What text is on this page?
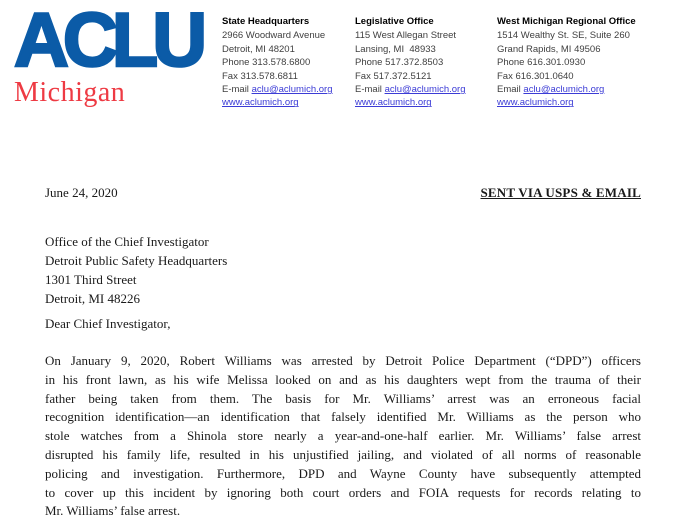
ACLU
Michigan
State Headquarters
2966 Woodward Avenue
Detroit, MI 48201
Phone 313.578.6800
Fax 313.578.6811
E-mail aclu@aclumich.org
www.aclumich.org
Legislative Office
115 West Allegan Street
Lansing, MI  48933
Phone 517.372.8503
Fax 517.372.5121
E-mail aclu@aclumich.org
www.aclumich.org
West Michigan Regional Office
1514 Wealthy St. SE, Suite 260
Grand Rapids, MI 49506
Phone 616.301.0930
Fax 616.301.0640
Email aclu@aclumich.org
www.aclumich.org
June 24, 2020	SENT VIA USPS & EMAIL
Office of the Chief Investigator
Detroit Public Safety Headquarters
1301 Third Street
Detroit, MI 48226
Dear Chief Investigator,
On January 9, 2020, Robert Williams was arrested by Detroit Police Department (“DPD”) officers
in his front lawn, as his wife Melissa looked on and as his daughters wept from the trauma of their
father being taken from them. The basis for Mr. Williams’ arrest was an erroneous facial
recognition identification—an identification that falsely identified Mr. Williams as the person who
stole watches from a Shinola store nearly a year-and-one-half earlier. Mr. Williams’ false arrest
disrupted his family life, resulted in his unjustified jailing, and violated of all norms of reasonable
policing and investigation. Furthermore, DPD and Wayne County have subsequently attempted
to cover up this incident by ignoring both court orders and FOIA requests for records relating to
Mr. Williams’ false arrest.
